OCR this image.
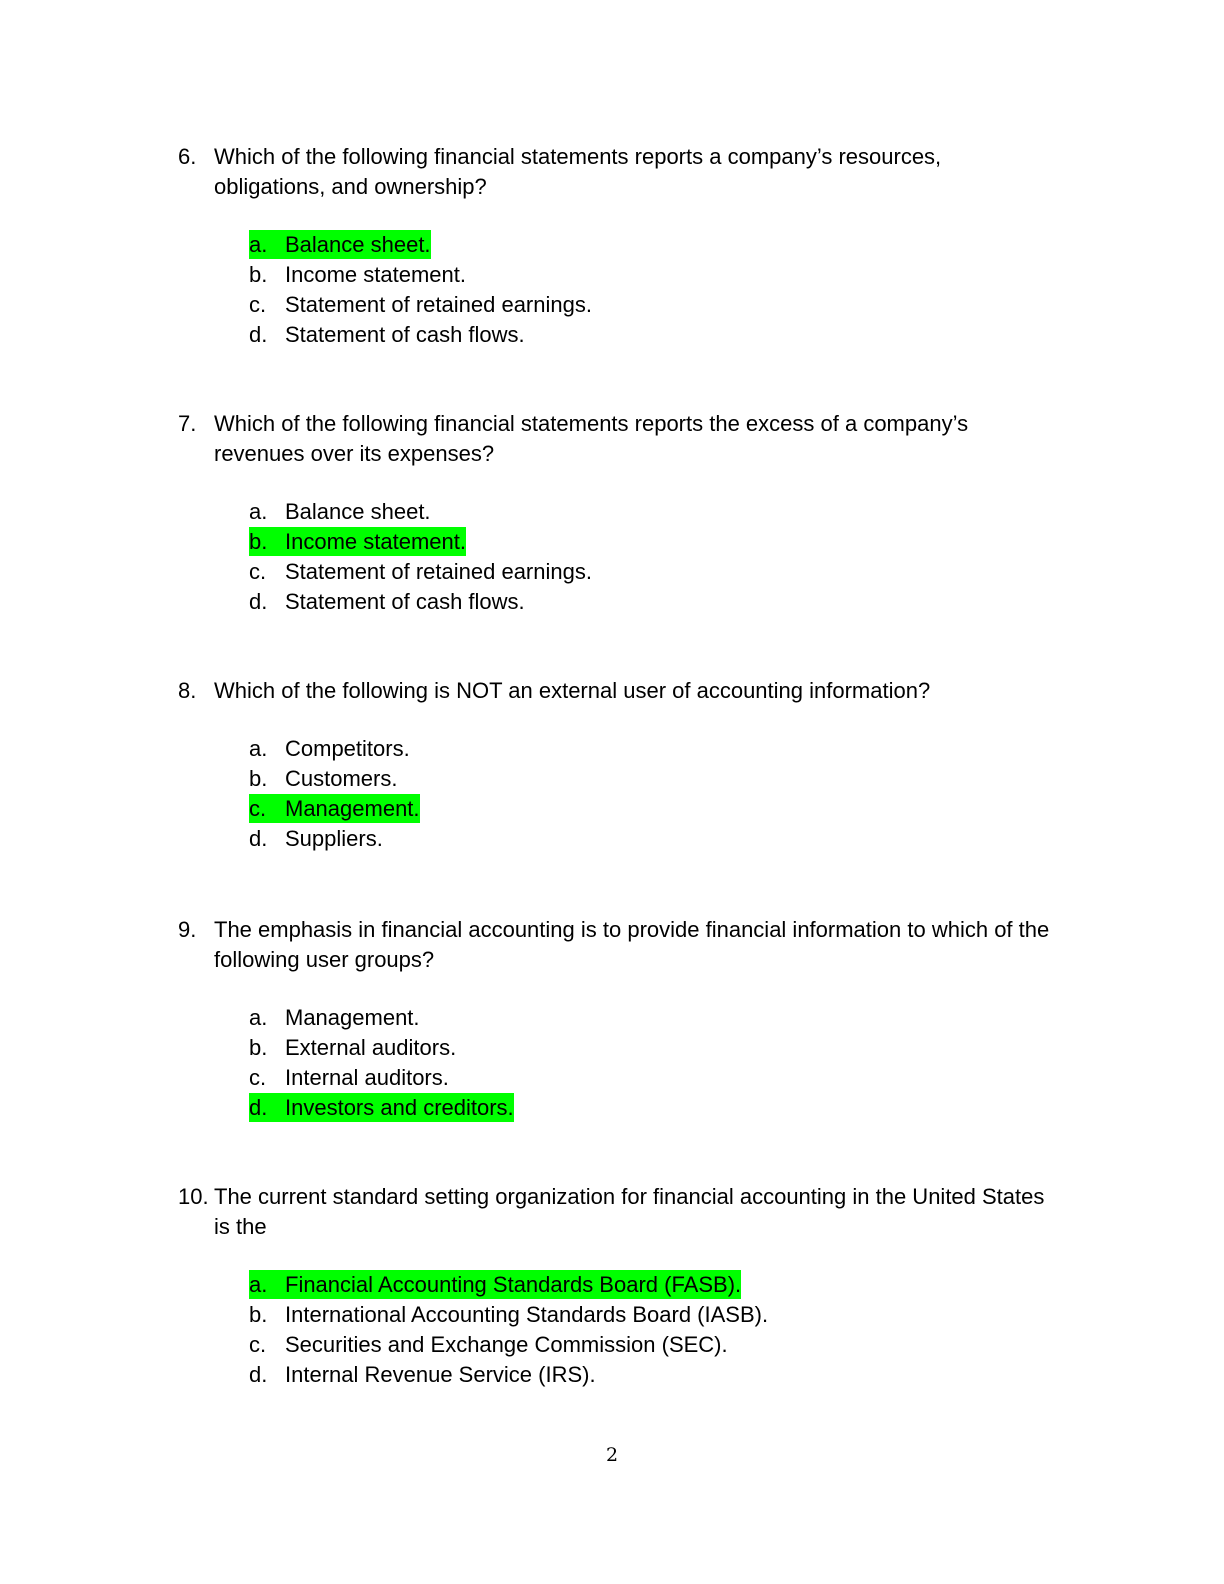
6. Which of the following financial statements reports a company’s resources, obligations, and ownership?
a. Balance sheet.
b. Income statement.
c. Statement of retained earnings.
d. Statement of cash flows.
7. Which of the following financial statements reports the excess of a company’s revenues over its expenses?
a. Balance sheet.
b. Income statement.
c. Statement of retained earnings.
d. Statement of cash flows.
8. Which of the following is NOT an external user of accounting information?
a. Competitors.
b. Customers.
c. Management.
d. Suppliers.
9. The emphasis in financial accounting is to provide financial information to which of the following user groups?
a. Management.
b. External auditors.
c. Internal auditors.
d. Investors and creditors.
10. The current standard setting organization for financial accounting in the United States is the
a. Financial Accounting Standards Board (FASB).
b. International Accounting Standards Board (IASB).
c. Securities and Exchange Commission (SEC).
d. Internal Revenue Service (IRS).
2
